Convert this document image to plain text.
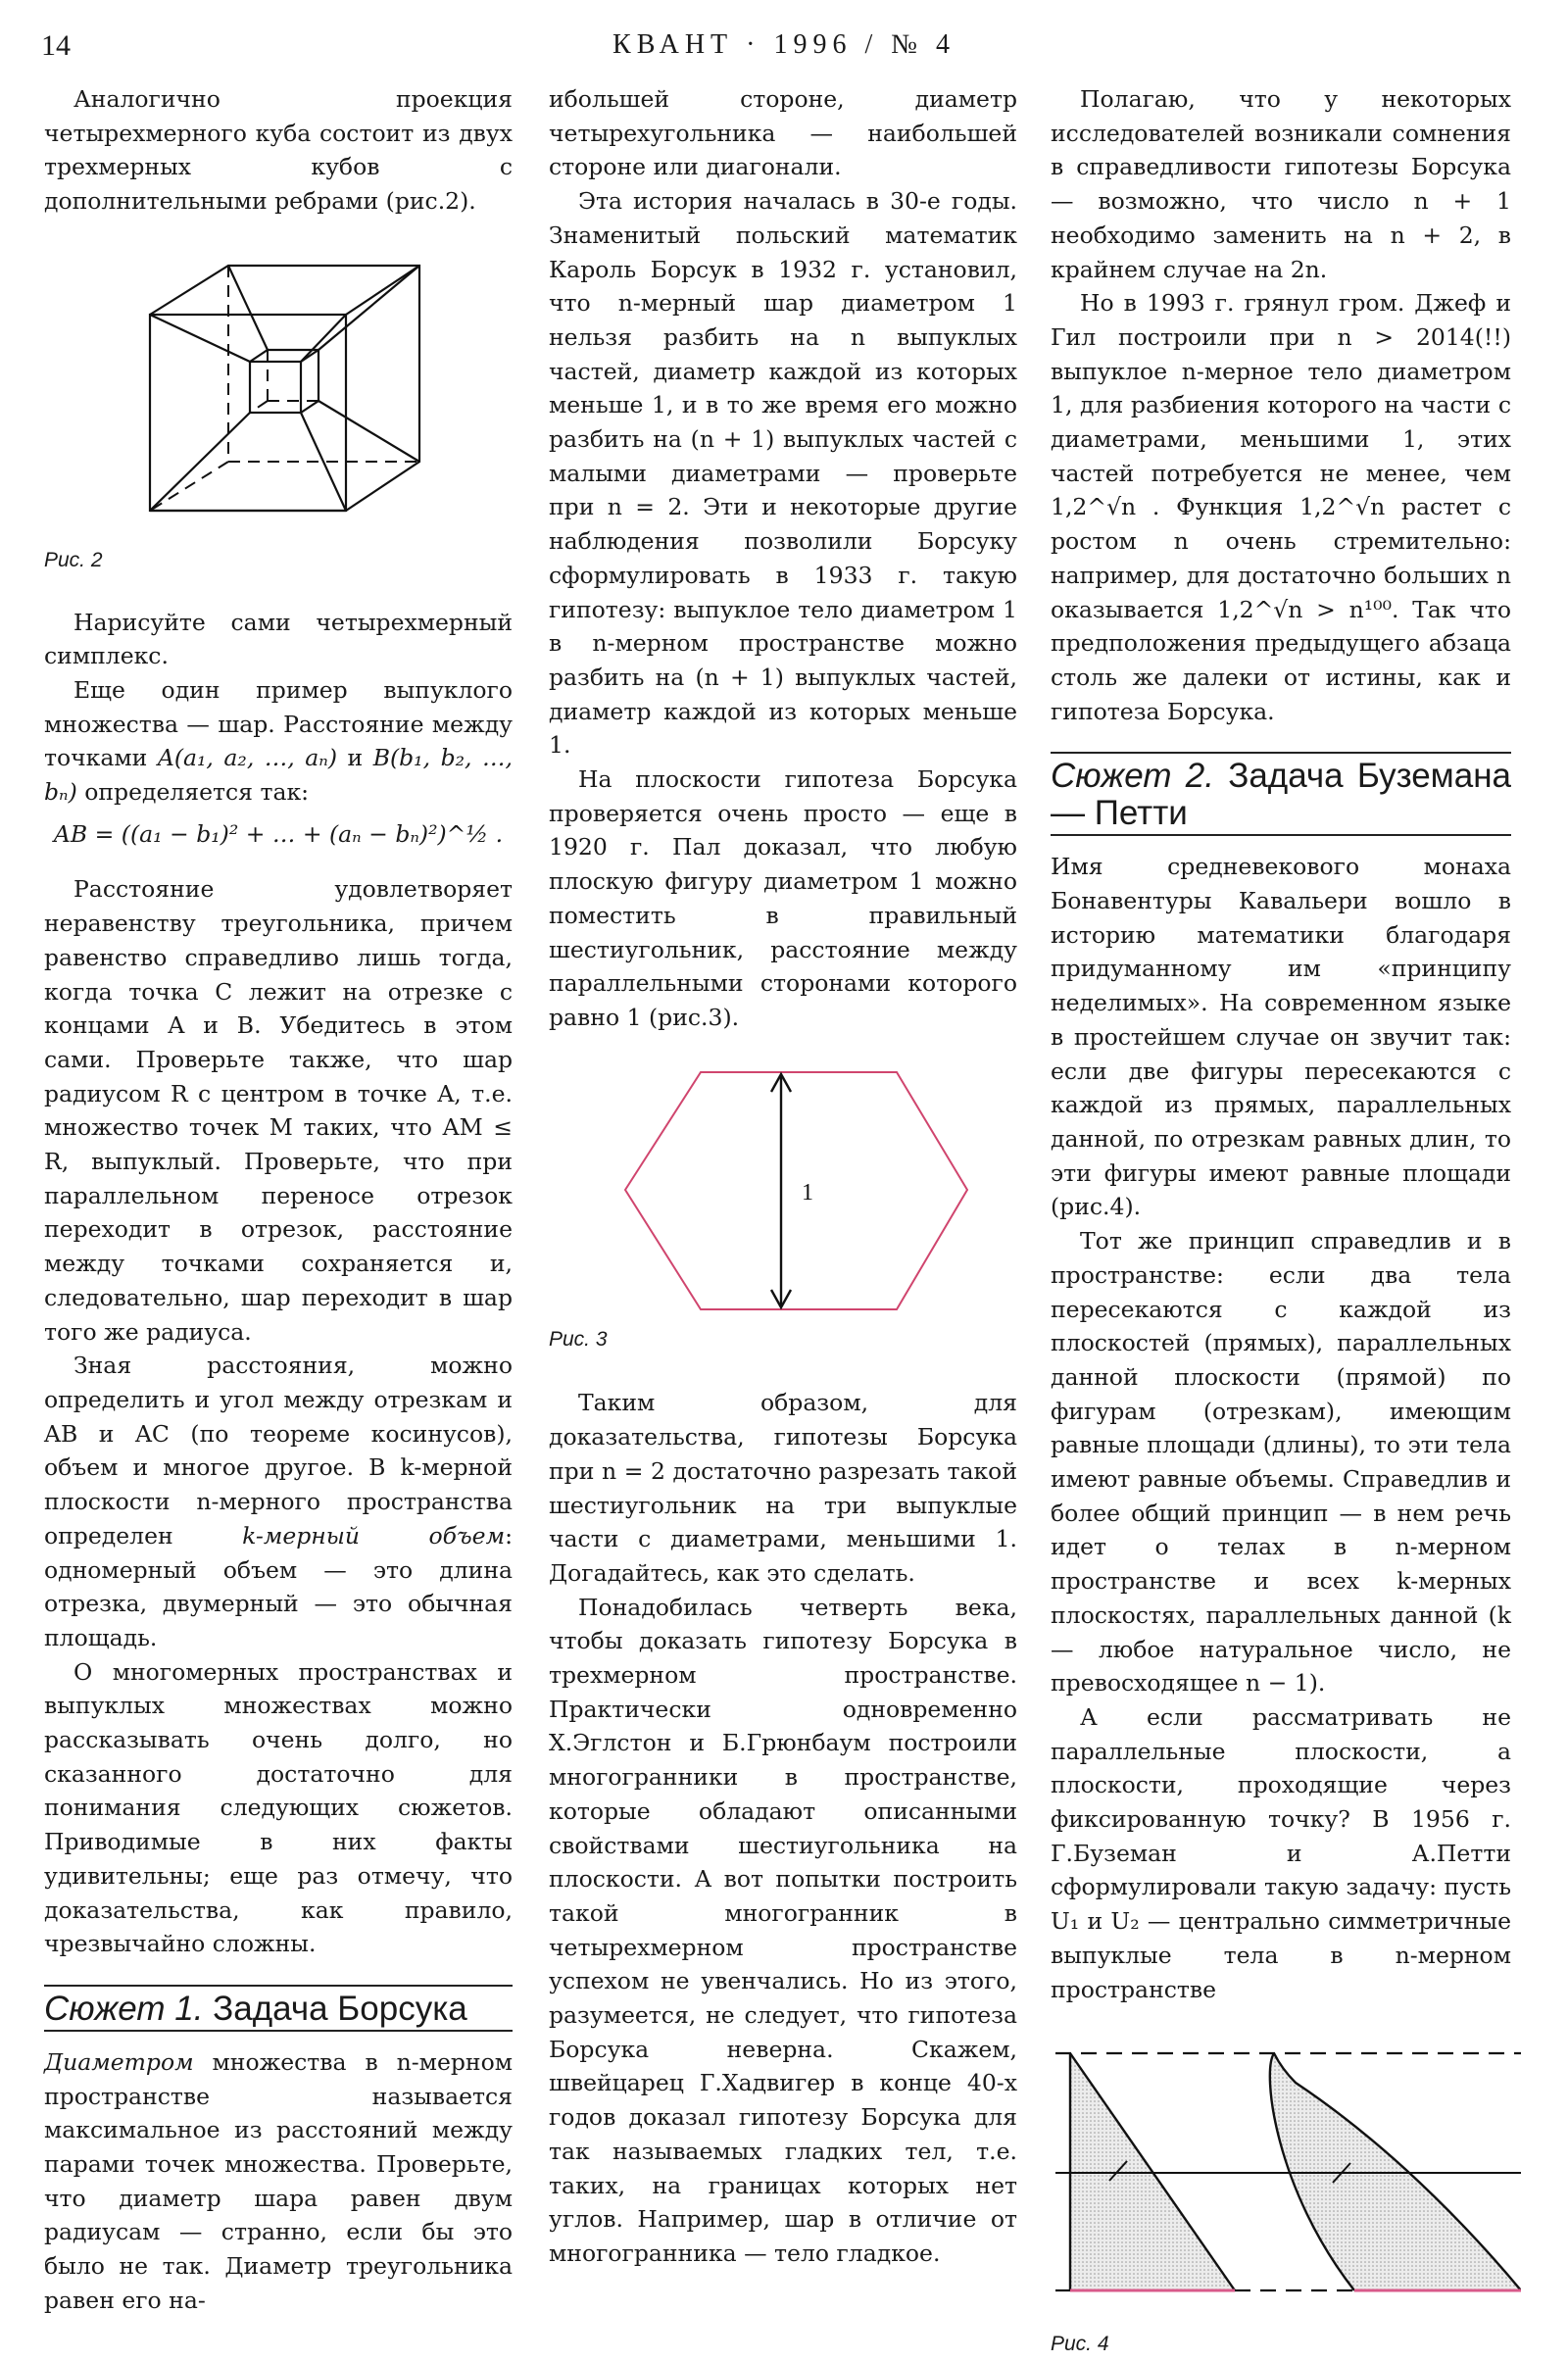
14	КВАНТ · 1996 / № 4

Аналогично проекция четырехмерного куба состоит из двух трехмерных кубов с дополнительными ребрами (рис.2).

Рис. 2

Нарисуйте сами четырехмерный симплекс.

Еще один пример выпуклого множества — шар. Расстояние между точками A(a₁, a₂, …, aₙ) и B(b₁, b₂, …, bₙ) определяется так:

AB = ((a₁ − b₁)² + … + (aₙ − bₙ)²)^½ .

Расстояние удовлетворяет неравенству треугольника, причем равенство справедливо лишь тогда, когда точка C лежит на отрезке с концами A и B. Убедитесь в этом сами. Проверьте также, что шар радиусом R с центром в точке A, т.е. множество точек M таких, что AM ≤ R, выпуклый. Проверьте, что при параллельном переносе отрезок переходит в отрезок, расстояние между точками сохраняется и, следовательно, шар переходит в шар того же радиуса.

Зная расстояния, можно определить и угол между отрезкам и AB и AC (по теореме косинусов), объем и многое другое. В k-мерной плоскости n-мерного пространства определен k-мерный объем: одномерный объем — это длина отрезка, двумерный — это обычная площадь.

О многомерных пространствах и выпуклых множествах можно рассказывать очень долго, но сказанного достаточно для понимания следующих сюжетов. Приводимые в них факты удивительны; еще раз отмечу, что доказательства, как правило, чрезвычайно сложны.

Сюжет 1. Задача Борсука

Диаметром множества в n-мерном пространстве называется максимальное из расстояний между парами точек множества. Проверьте, что диаметр шара равен двум радиусам — странно, если бы это было не так. Диаметр треугольника равен его на-

ибольшей стороне, диаметр четырехугольника — наибольшей стороне или диагонали.

Эта история началась в 30-е годы. Знаменитый польский математик Кароль Борсук в 1932 г. установил, что n-мерный шар диаметром 1 нельзя разбить на n выпуклых частей, диаметр каждой из которых меньше 1, и в то же время его можно разбить на (n + 1) выпуклых частей с малыми диаметрами — проверьте при n = 2. Эти и некоторые другие наблюдения позволили Борсуку сформулировать в 1933 г. такую гипотезу: выпуклое тело диаметром 1 в n-мерном пространстве можно разбить на (n + 1) выпуклых частей, диаметр каждой из которых меньше 1.

На плоскости гипотеза Борсука проверяется очень просто — еще в 1920 г. Пал доказал, что любую плоскую фигуру диаметром 1 можно поместить в правильный шестиугольник, расстояние между параллельными сторонами которого равно 1 (рис.3).

1
Рис. 3

Таким образом, для доказательства, гипотезы Борсука при n = 2 достаточно разрезать такой шестиугольник на три выпуклые части с диаметрами, меньшими 1. Догадайтесь, как это сделать.

Понадобилась четверть века, чтобы доказать гипотезу Борсука в трехмерном пространстве. Практически одновременно Х.Эглстон и Б.Грюнбаум построили многогранники в пространстве, которые обладают описанными свойствами шестиугольника на плоскости. А вот попытки построить такой многогранник в четырехмерном пространстве успехом не увенчались. Но из этого, разумеется, не следует, что гипотеза Борсука неверна. Скажем, швейцарец Г.Хадвигер в конце 40-х годов доказал гипотезу Борсука для так называемых гладких тел, т.е. таких, на границах которых нет углов. Например, шар в отличие от многогранника — тело гладкое.

Полагаю, что у некоторых исследователей возникали сомнения в справедливости гипотезы Борсука — возможно, что число n + 1 необходимо заменить на n + 2, в крайнем случае на 2n.

Но в 1993 г. грянул гром. Джеф и Гил построили при n > 2014(!!) выпуклое n-мерное тело диаметром 1, для разбиения которого на части с диаметрами, меньшими 1, этих частей потребуется не менее, чем 1,2^√n . Функция 1,2^√n растет с ростом n очень стремительно: например, для достаточно больших n оказывается 1,2^√n > n¹⁰⁰. Так что предположения предыдущего абзаца столь же далеки от истины, как и гипотеза Борсука.

Сюжет 2. Задача Буземана — Петти

Имя средневекового монаха Бонавентуры Кавальери вошло в историю математики благодаря придуманному им «принципу неделимых». На современном языке в простейшем случае он звучит так: если две фигуры пересекаются с каждой из прямых, параллельных данной, по отрезкам равных длин, то эти фигуры имеют равные площади (рис.4).

Тот же принцип справедлив и в пространстве: если два тела пересекаются с каждой из плоскостей (прямых), параллельных данной плоскости (прямой) по фигурам (отрезкам), имеющим равные площади (длины), то эти тела имеют равные объемы. Справедлив и более общий принцип — в нем речь идет о телах в n-мерном пространстве и всех k-мерных плоскостях, параллельных данной (k — любое натуральное число, не превосходящее n − 1).

А если рассматривать не параллельные плоскости, а плоскости, проходящие через фиксированную точку? В 1956 г. Г.Буземан и А.Петти сформулировали такую задачу: пусть U₁ и U₂ — центрально симметричные выпуклые тела в n-мерном пространстве

Рис. 4
